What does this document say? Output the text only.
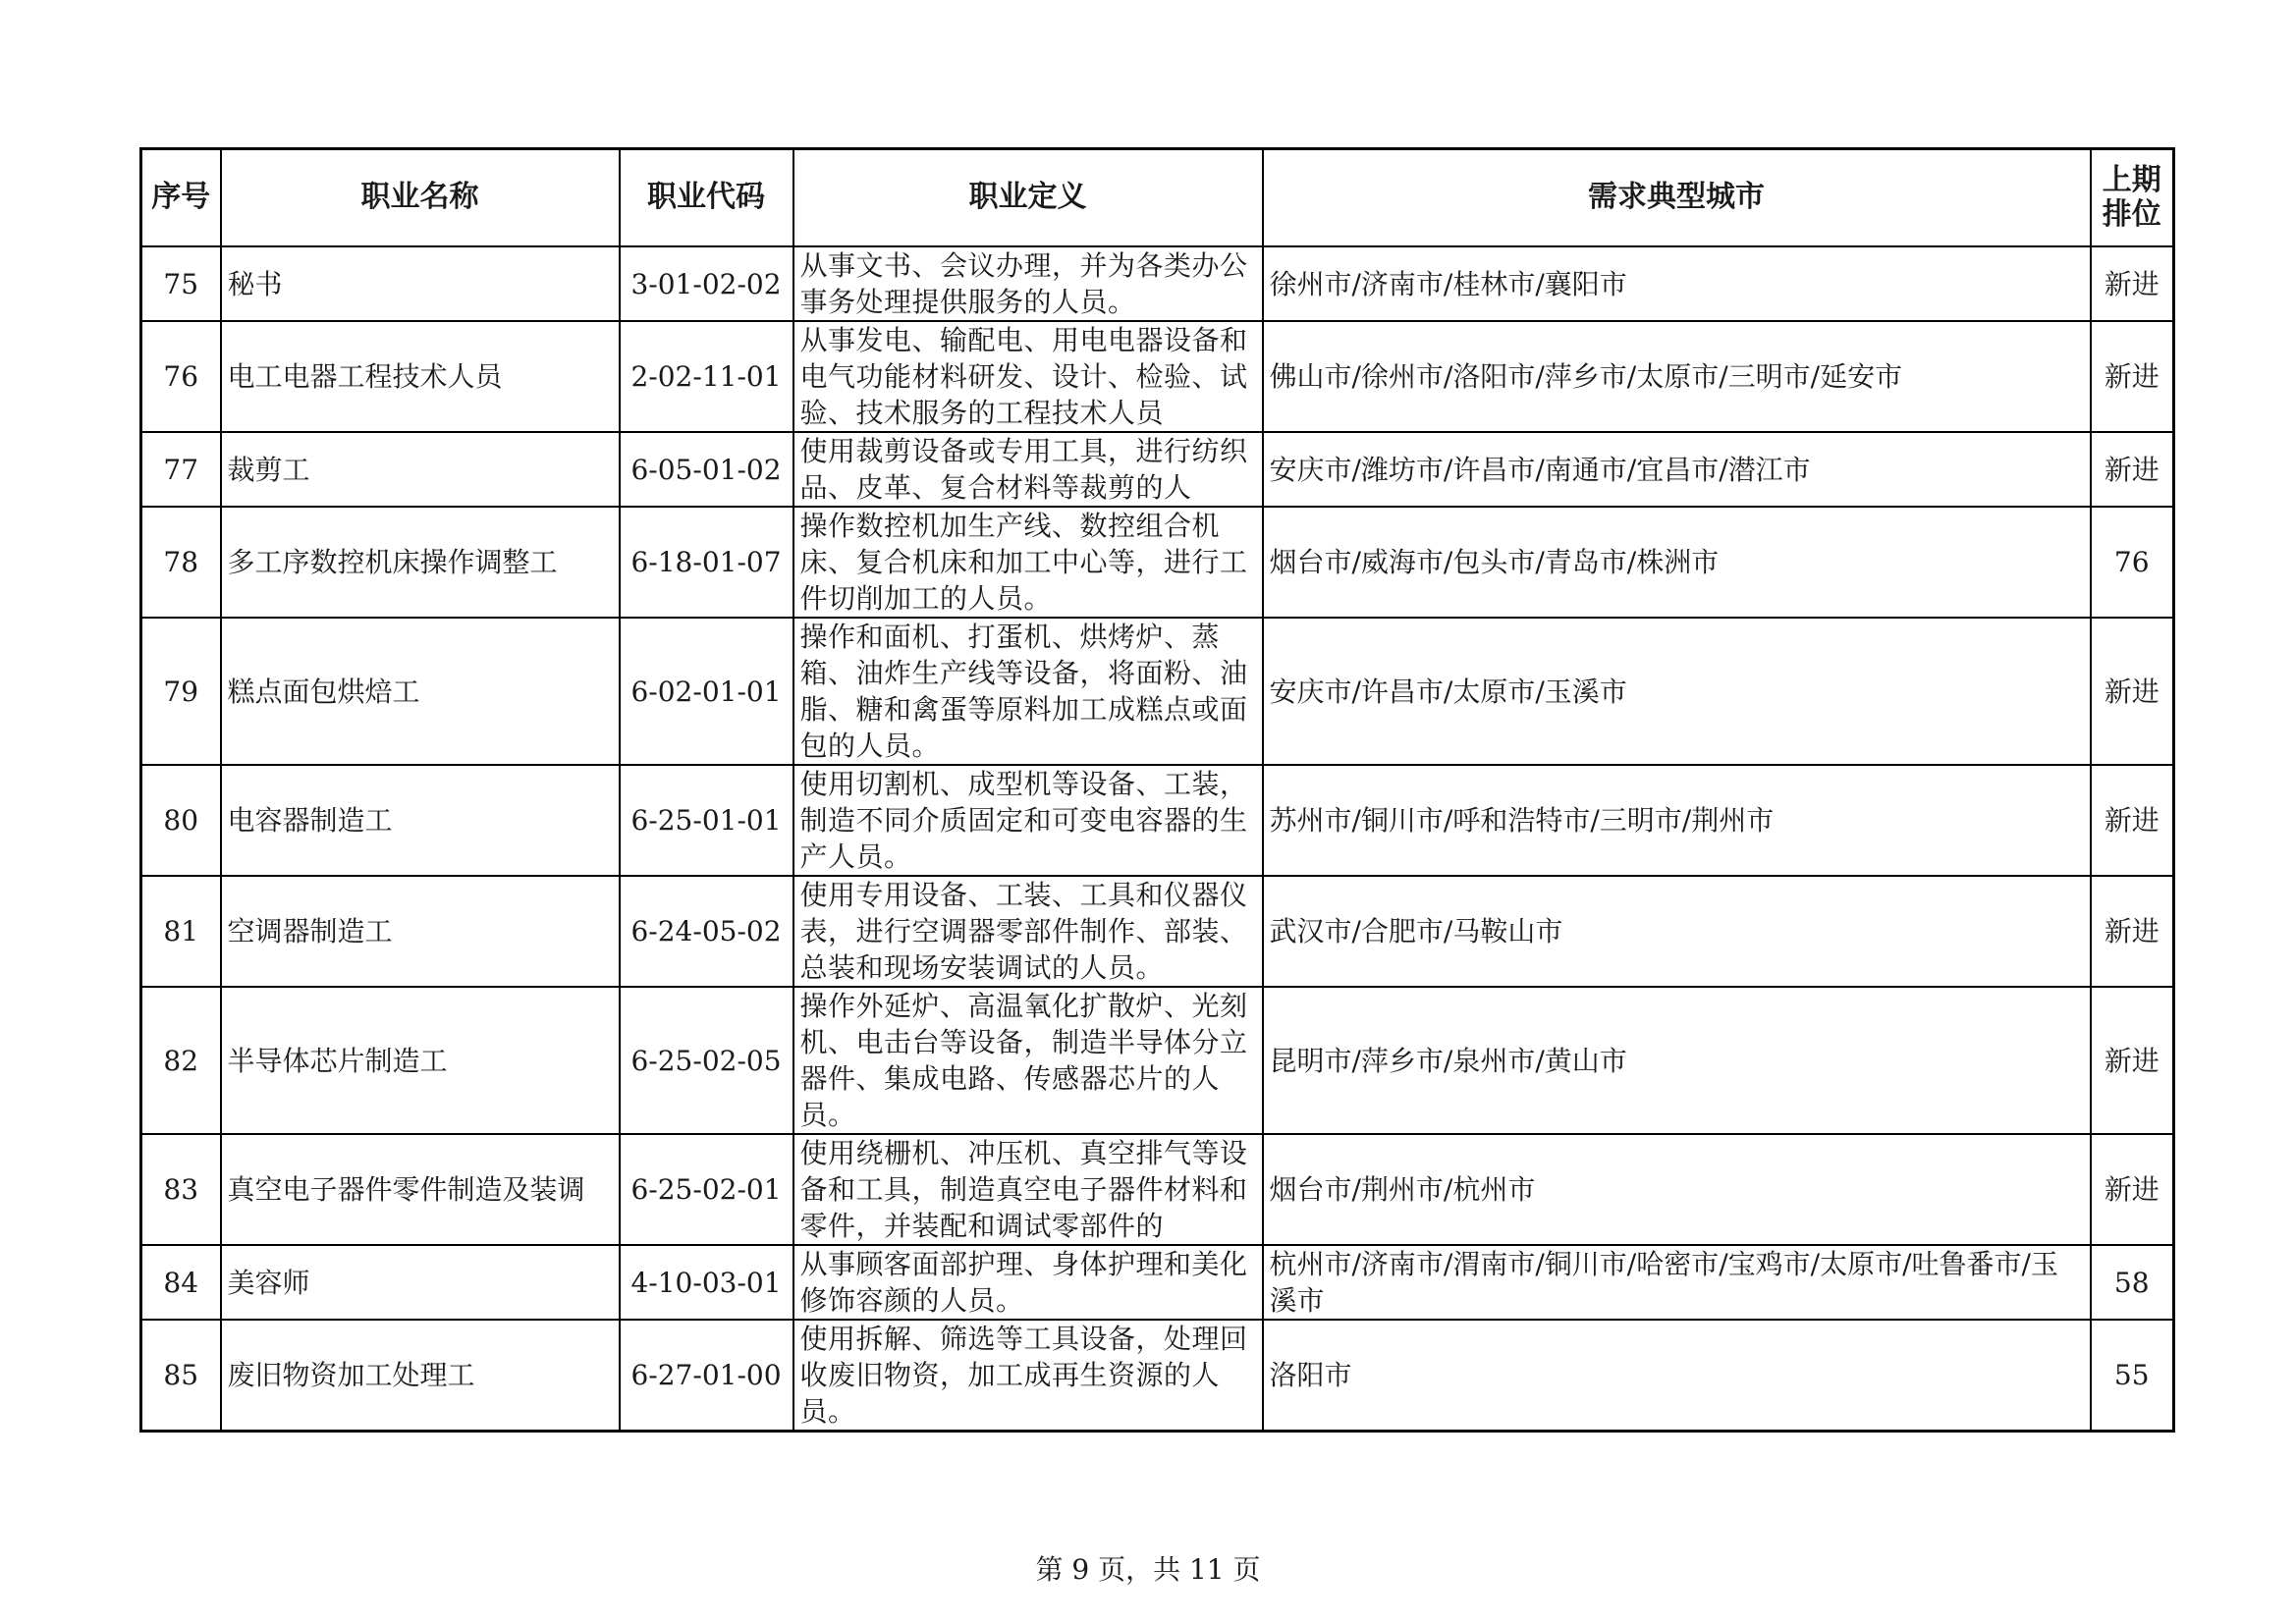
序号	职业名称	职业代码	职业定义	需求典型城市	上期排位

75	秘书	3-01-02-02	从事文书、会议办理，并为各类办公事务处理提供服务的人员。	徐州市/济南市/桂林市/襄阳市	新进
76	电工电器工程技术人员	2-02-11-01	从事发电、输配电、用电电器设备和电气功能材料研发、设计、检验、试验、技术服务的工程技术人员	佛山市/徐州市/洛阳市/萍乡市/太原市/三明市/延安市	新进
77	裁剪工	6-05-01-02	使用裁剪设备或专用工具，进行纺织品、皮革、复合材料等裁剪的人	安庆市/潍坊市/许昌市/南通市/宜昌市/潜江市	新进
78	多工序数控机床操作调整工	6-18-01-07	操作数控机加生产线、数控组合机床、复合机床和加工中心等，进行工件切削加工的人员。	烟台市/威海市/包头市/青岛市/株洲市	76
79	糕点面包烘焙工	6-02-01-01	操作和面机、打蛋机、烘烤炉、蒸箱、油炸生产线等设备，将面粉、油脂、糖和禽蛋等原料加工成糕点或面包的人员。	安庆市/许昌市/太原市/玉溪市	新进
80	电容器制造工	6-25-01-01	使用切割机、成型机等设备、工装，制造不同介质固定和可变电容器的生产人员。	苏州市/铜川市/呼和浩特市/三明市/荆州市	新进
81	空调器制造工	6-24-05-02	使用专用设备、工装、工具和仪器仪表，进行空调器零部件制作、部装、总装和现场安装调试的人员。	武汉市/合肥市/马鞍山市	新进
82	半导体芯片制造工	6-25-02-05	操作外延炉、高温氧化扩散炉、光刻机、电击台等设备，制造半导体分立器件、集成电路、传感器芯片的人员。	昆明市/萍乡市/泉州市/黄山市	新进
83	真空电子器件零件制造及装调	6-25-02-01	使用绕栅机、冲压机、真空排气等设备和工具，制造真空电子器件材料和零件，并装配和调试零部件的	烟台市/荆州市/杭州市	新进
84	美容师	4-10-03-01	从事顾客面部护理、身体护理和美化修饰容颜的人员。	杭州市/济南市/渭南市/铜川市/哈密市/宝鸡市/太原市/吐鲁番市/玉溪市	58
85	废旧物资加工处理工	6-27-01-00	使用拆解、筛选等工具设备，处理回收废旧物资，加工成再生资源的人员。	洛阳市	55
第 9 页，共 11 页
